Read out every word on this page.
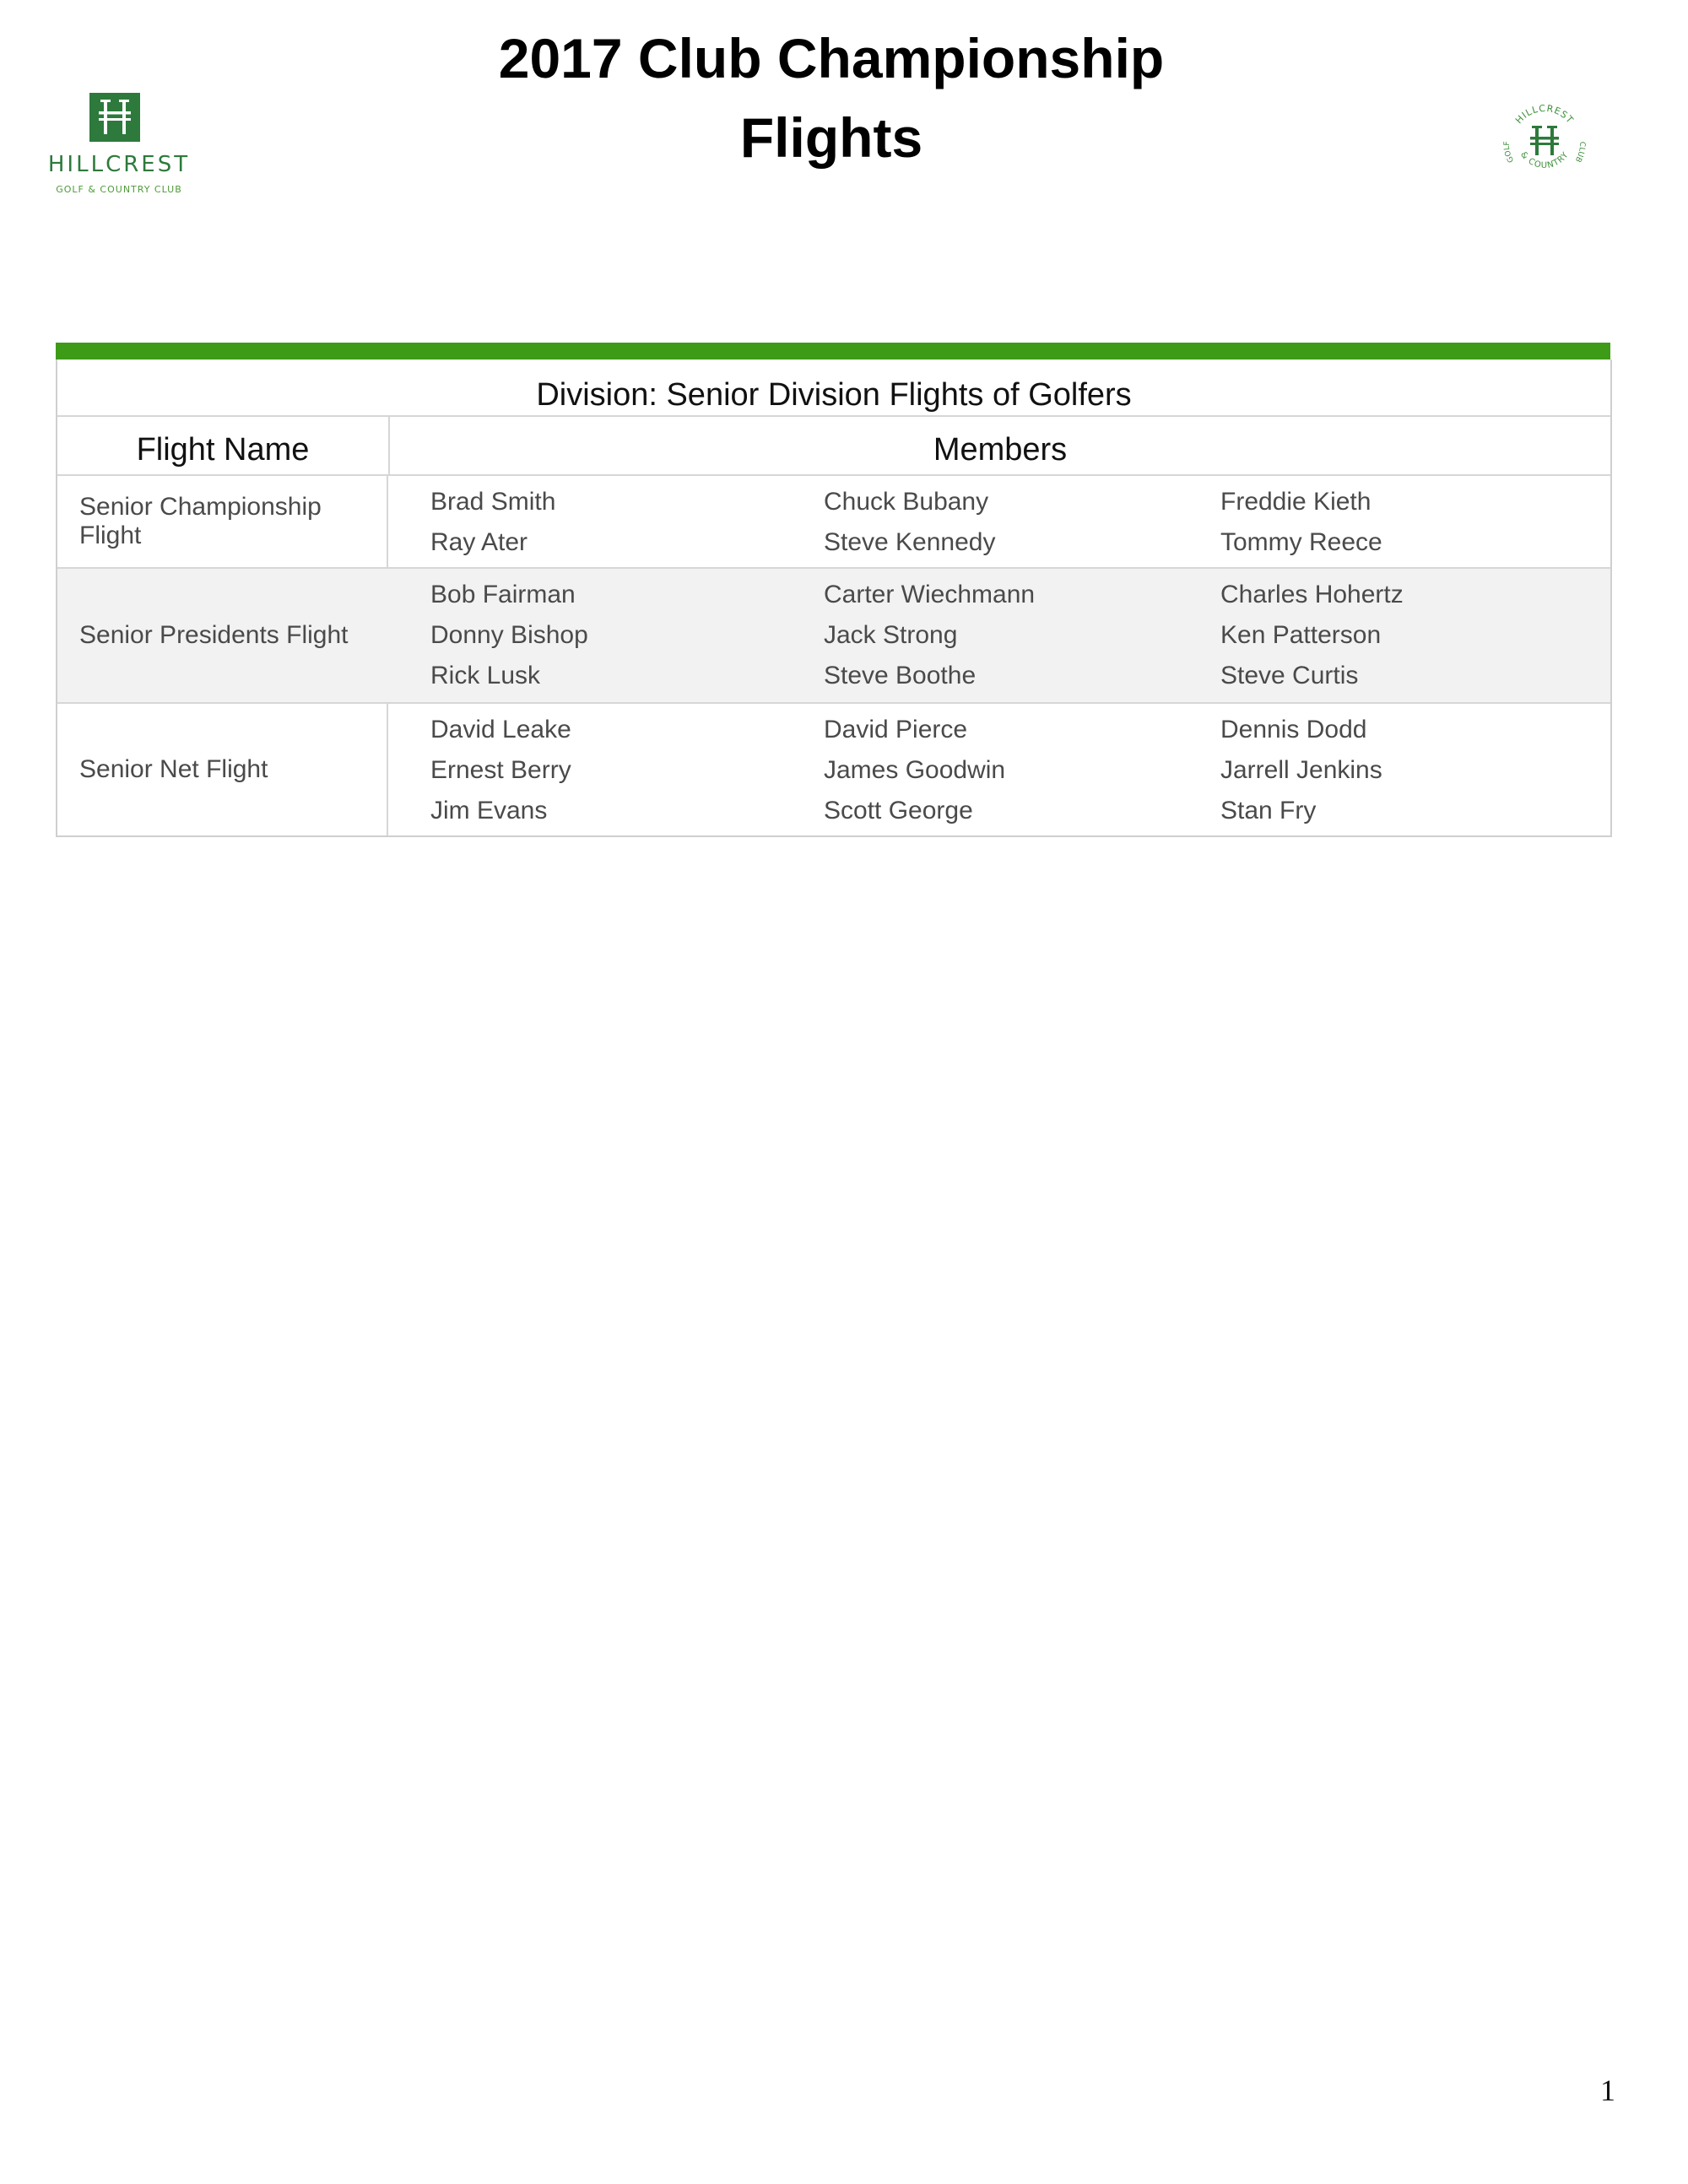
2017 Club Championship
Flights
HILLCREST
GOLF & COUNTRY CLUB
HILLCREST
& COUNTRY
GOLF	CLUB
Division: Senior Division Flights of Golfers
Flight Name	Members
Senior Championship Flight
Brad Smith	Chuck Bubany	Freddie Kieth
Ray Ater	Steve Kennedy	Tommy Reece
Senior Presidents Flight
Bob Fairman	Carter Wiechmann	Charles Hohertz
Donny Bishop	Jack Strong	Ken Patterson
Rick Lusk	Steve Boothe	Steve Curtis
Senior Net Flight
David Leake	David Pierce	Dennis Dodd
Ernest Berry	James Goodwin	Jarrell Jenkins
Jim Evans	Scott George	Stan Fry
1
